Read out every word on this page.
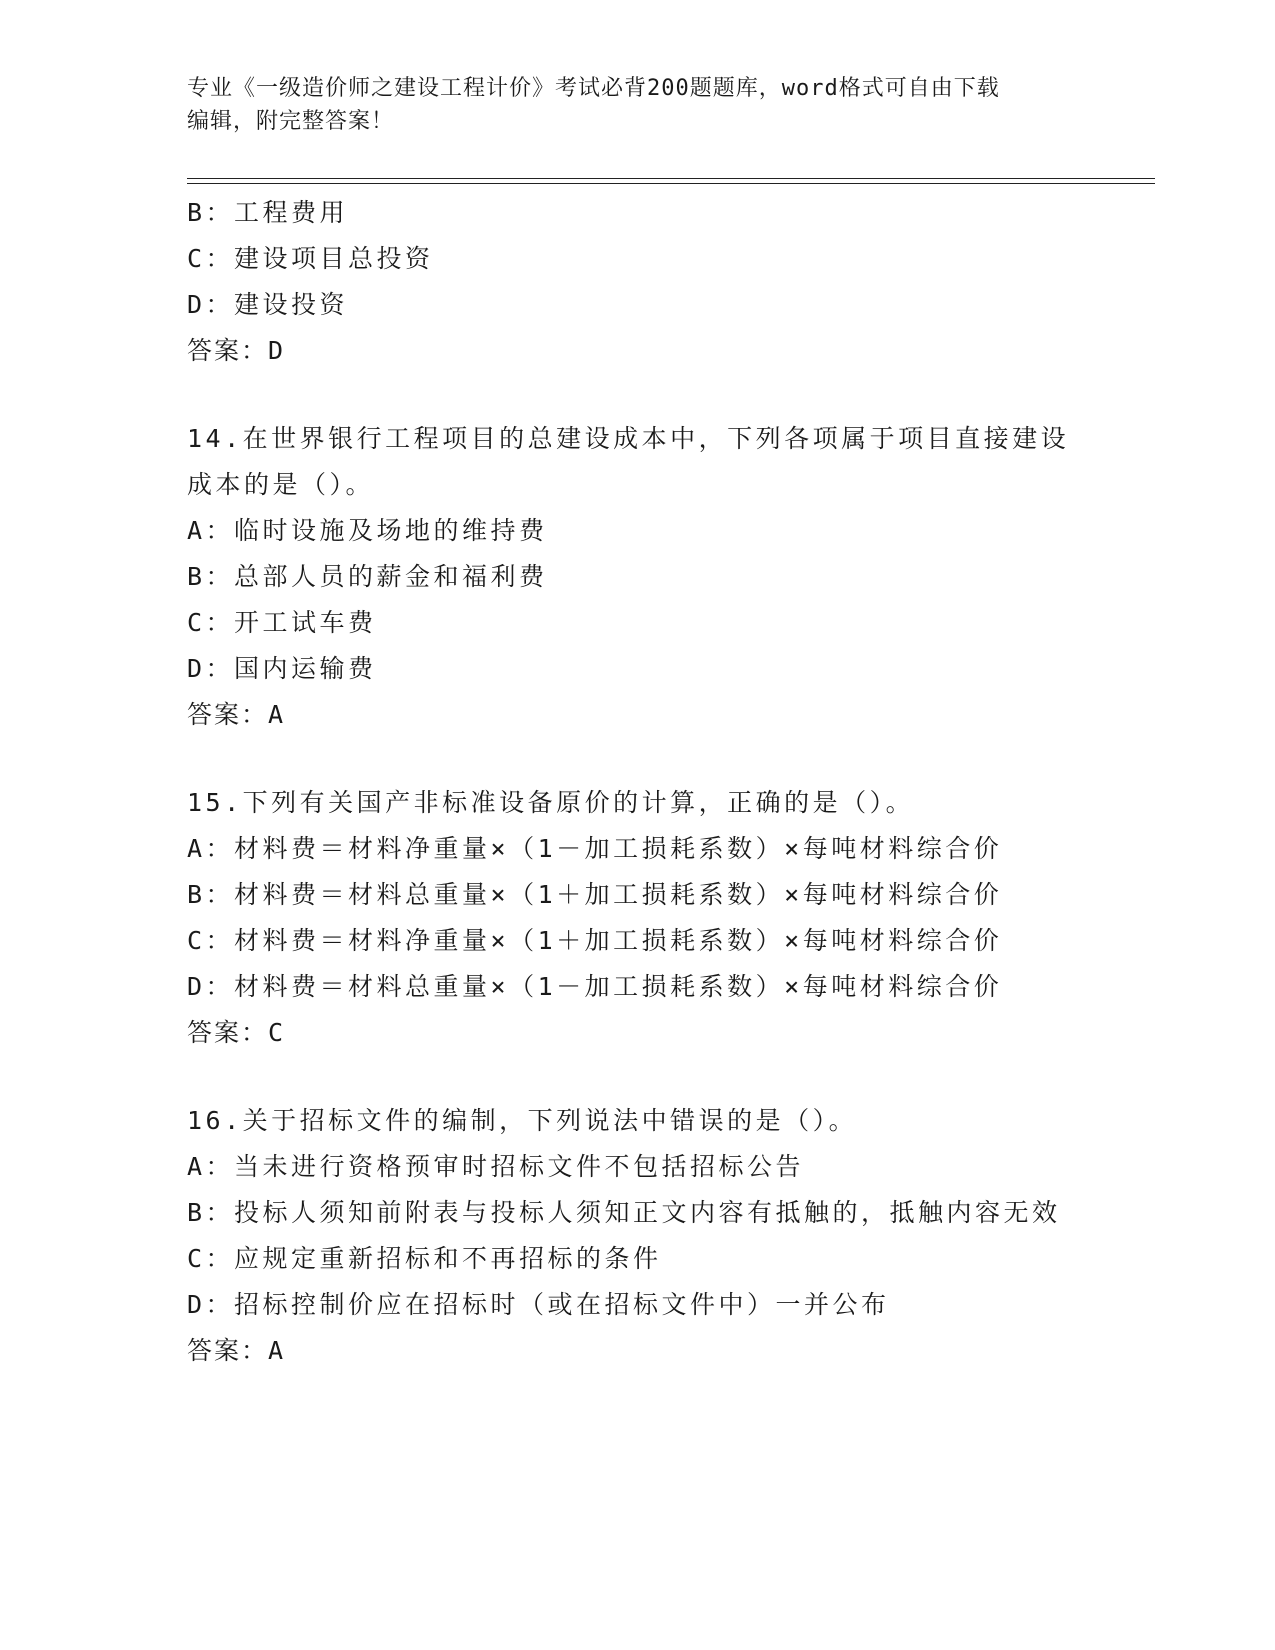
专业《一级造价师之建设工程计价》考试必背200题题库，word格式可自由下载
编辑，附完整答案！
B：工程费用
C：建设项目总投资
D：建设投资
答案：D
14.在世界银行工程项目的总建设成本中，下列各项属于项目直接建设
成本的是（）。
A：临时设施及场地的维持费
B：总部人员的薪金和福利费
C：开工试车费
D：国内运输费
答案：A
15.下列有关国产非标准设备原价的计算，正确的是（）。
A：材料费＝材料净重量×（1－加工损耗系数）×每吨材料综合价
B：材料费＝材料总重量×（1＋加工损耗系数）×每吨材料综合价
C：材料费＝材料净重量×（1＋加工损耗系数）×每吨材料综合价
D：材料费＝材料总重量×（1－加工损耗系数）×每吨材料综合价
答案：C
16.关于招标文件的编制，下列说法中错误的是（）。
A：当未进行资格预审时招标文件不包括招标公告
B：投标人须知前附表与投标人须知正文内容有抵触的，抵触内容无效
C：应规定重新招标和不再招标的条件
D：招标控制价应在招标时（或在招标文件中）一并公布
答案：A
